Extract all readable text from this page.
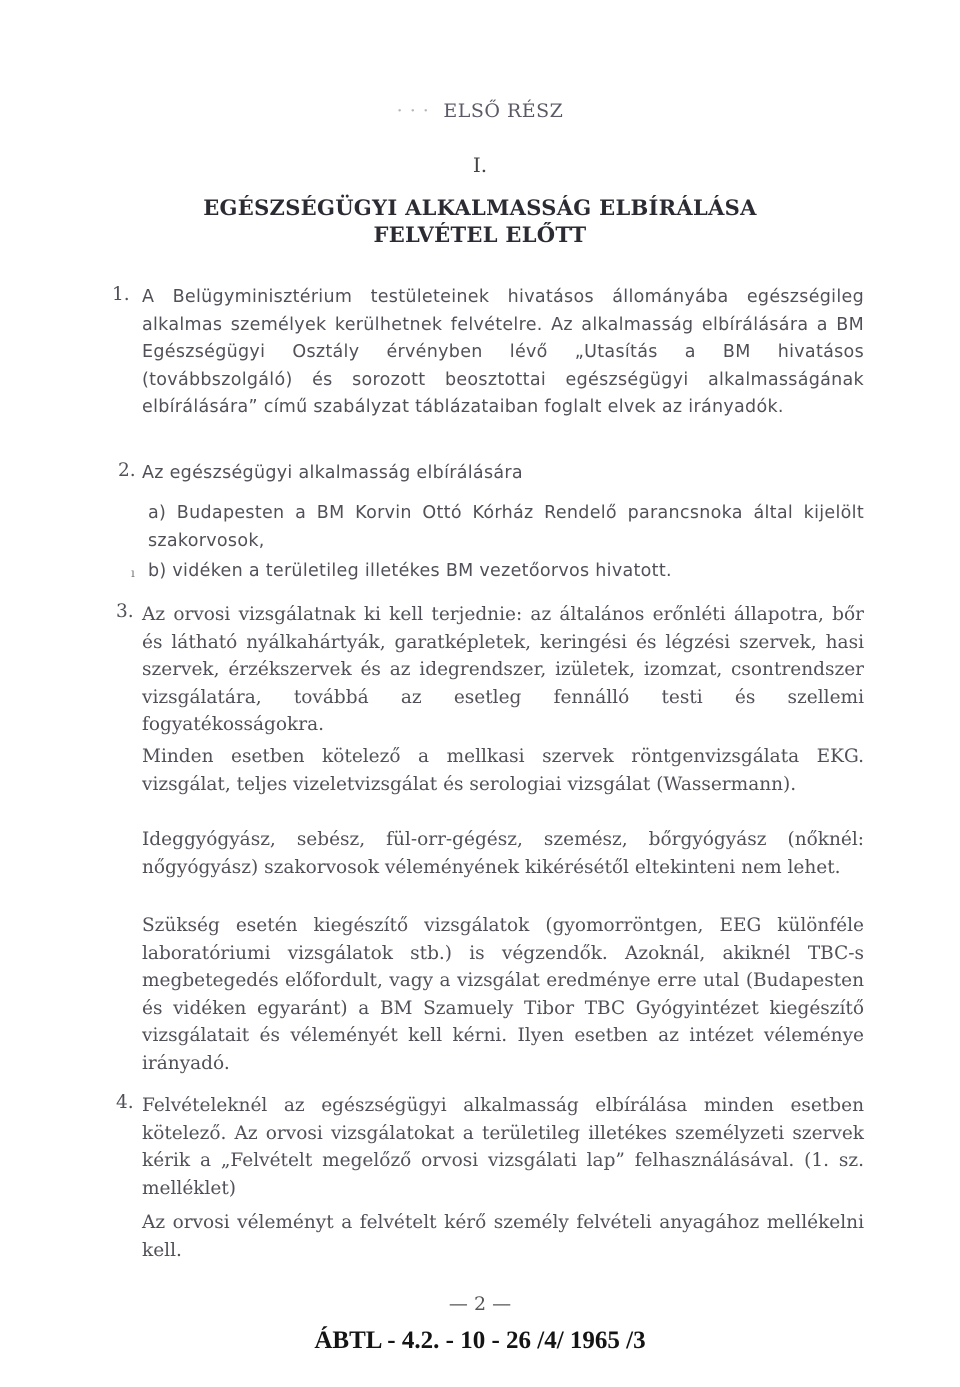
· · · ELSŐ RÉSZ
I.
EGÉSZSÉGÜGYI ALKALMASSÁG ELBÍRÁLÁSA
FELVÉTEL ELŐTT
1. A Belügyminisztérium testületeinek hivatásos állományába egészségileg alkalmas személyek kerülhetnek felvételre. Az alkalmasság elbírálására a BM Egészségügyi Osztály érvényben lévő „Utasítás a BM hivatásos (továbbszolgáló) és sorozott beosztottai egészségügyi alkalmasságának elbírálására” című szabályzat táblázataiban foglalt elvek az irányadók.
2. Az egészségügyi alkalmasság elbírálására
a) Budapesten a BM Korvin Ottó Kórház Rendelő parancsnoka által kijelölt szakorvosok,
ı b) vidéken a területileg illetékes BM vezetőorvos hivatott.
3. Az orvosi vizsgálatnak ki kell terjednie: az általános erőnléti állapotra, bőr és látható nyálkahártyák, garatképletek, keringési és légzési szervek, hasi szervek, érzékszervek és az idegrendszer, izületek, izomzat, csontrendszer vizsgálatára, továbbá az esetleg fennálló testi és szellemi fogyatékosságokra.
Minden esetben kötelező a mellkasi szervek röntgenvizsgálata EKG. vizsgálat, teljes vizeletvizsgálat és serologiai vizsgálat (Wassermann).
Ideggyógyász, sebész, fül-orr-gégész, szemész, bőrgyógyász (nőknél: nőgyógyász) szakorvosok véleményének kikérésétől eltekinteni nem lehet.
Szükség esetén kiegészítő vizsgálatok (gyomorröntgen, EEG különféle laboratóriumi vizsgálatok stb.) is végzendők. Azoknál, akiknél TBC-s megbetegedés előfordult, vagy a vizsgálat eredménye erre utal (Budapesten és vidéken egyaránt) a BM Szamuely Tibor TBC Gyógyintézet kiegészítő vizsgálatait és véleményét kell kérni. Ilyen esetben az intézet véleménye irányadó.
4. Felvételeknél az egészségügyi alkalmasság elbírálása minden esetben kötelező. Az orvosi vizsgálatokat a területileg illetékes személyzeti szervek kérik a „Felvételt megelőző orvosi vizsgálati lap” felhasználásával. (1. sz. melléklet)
Az orvosi véleményt a felvételt kérő személy felvételi anyagához mellékelni kell.
— 2 —
ÁBTL - 4.2. - 10 - 26 /4/ 1965 /3
